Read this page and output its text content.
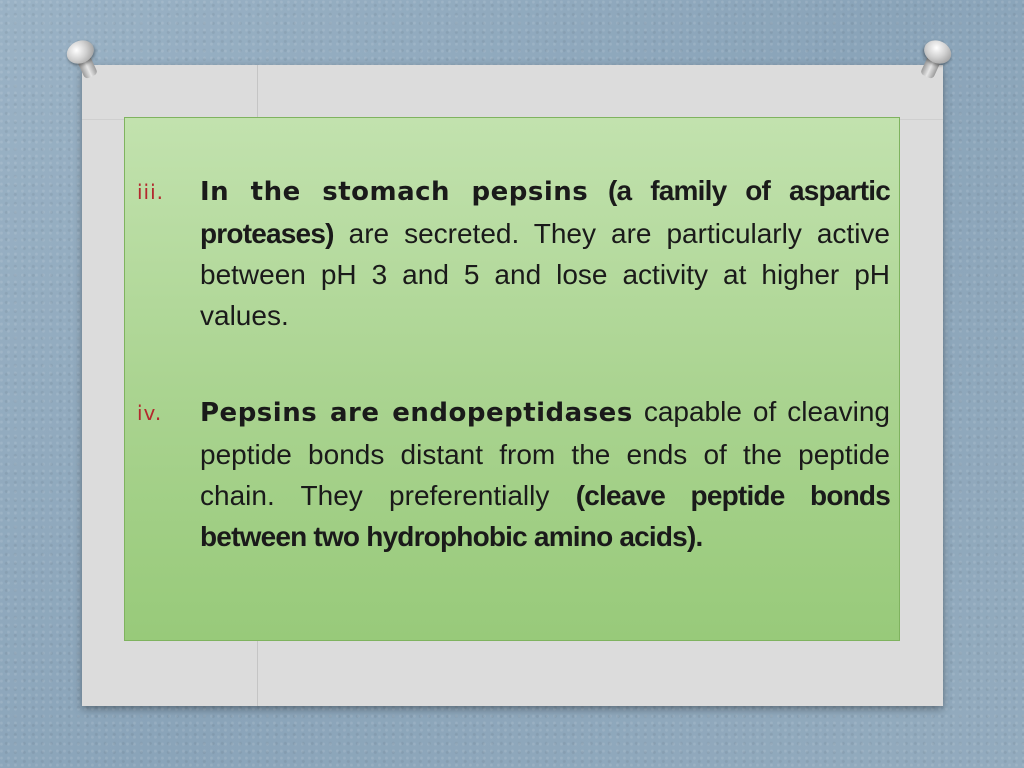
iii. In the stomach pepsins (a family of aspartic proteases) are secreted. They are particularly active between pH 3 and 5 and lose activity at higher pH values.
iv. Pepsins are endopeptidases capable of cleaving peptide bonds distant from the ends of the peptide chain. They preferentially (cleave peptide bonds between two hydrophobic amino acids).
